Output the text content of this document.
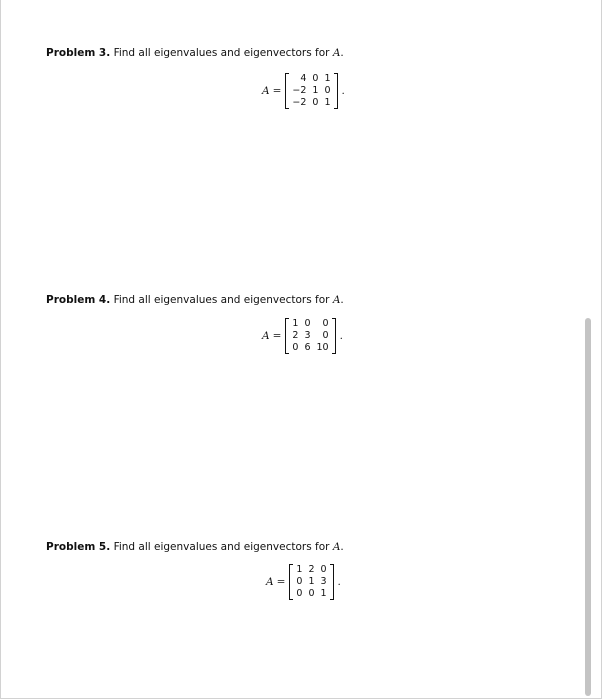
Problem 3. Find all eigenvalues and eigenvectors for A.
A =
4	0	1
−2	1	0
−2	0	1
.
Problem 4. Find all eigenvalues and eigenvectors for A.
A =
1	0	0
2	3	0
0	6	10
.
Problem 5. Find all eigenvalues and eigenvectors for A.
A =
1	2	0
0	1	3
0	0	1
.
